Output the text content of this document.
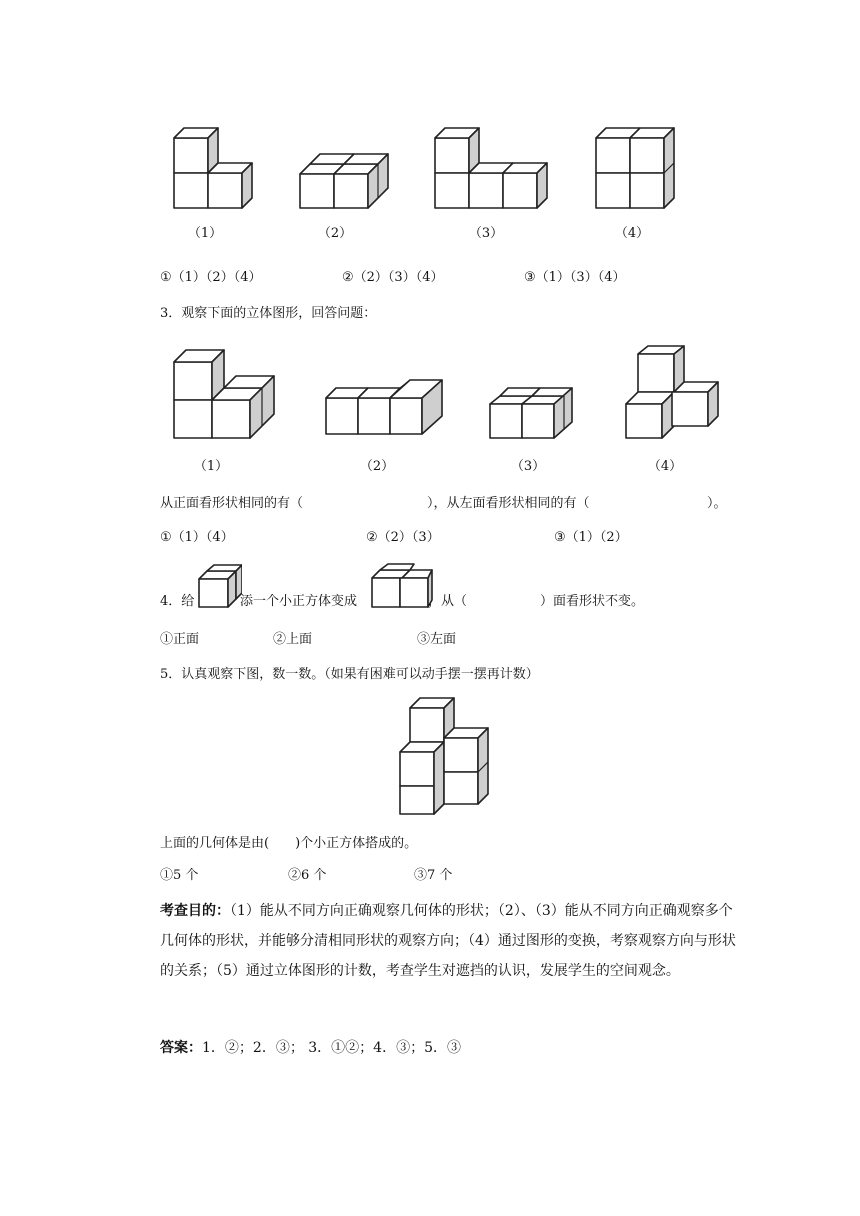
（1）	（2）	（3）	（4）
①（1）（2）（4）	②（2）（3）（4）	③（1）（3）（4）
3．观察下面的立体图形，回答问题：
（1）	（2）	（3）	（4）
从正面看形状相同的有（	），从左面看形状相同的有（	）。
①（1）（4）	②（2）（3）	③（1）（2）
4．给	添一个小正方体变成	，从（	）面看形状不变。
①正面	②上面	③左面
5．认真观察下图，数一数。（如果有困难可以动手摆一摆再计数）
上面的几何体是由(　　)个小正方体搭成的。
①5 个	②6 个	③7 个
考查目的：（1）能从不同方向正确观察几何体的形状；（2）、（3）能从不同方向正确观察多个几何体的形状，并能够分清相同形状的观察方向；（4）通过图形的变换，考察观察方向与形状的关系；（5）通过立体图形的计数，考查学生对遮挡的认识，发展学生的空间观念。
答案：1．②；2．③； 3．①②；4．③；5．③
